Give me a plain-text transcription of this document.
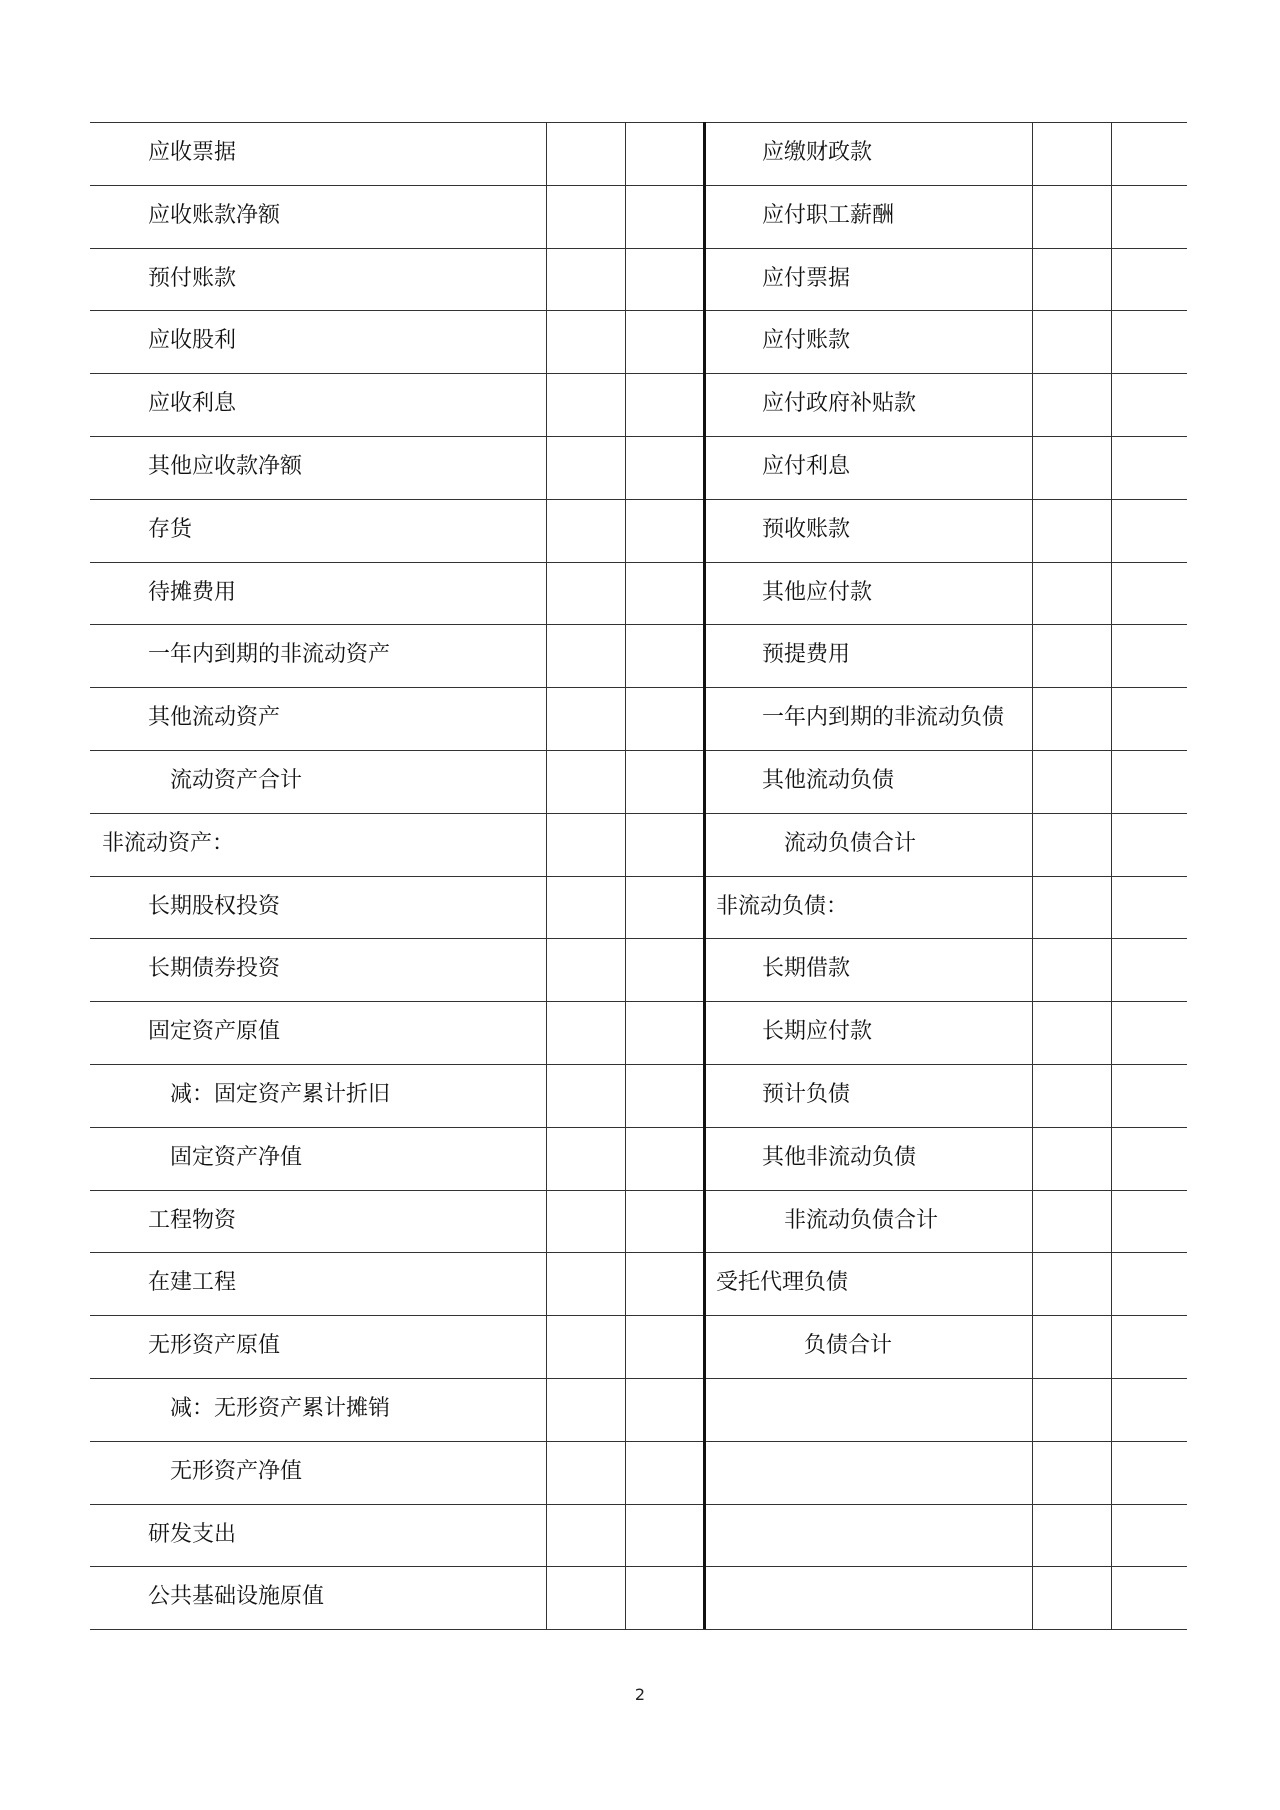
应收票据
应收账款净额
预付账款
应收股利
应收利息
其他应收款净额
存货
待摊费用
一年内到期的非流动资产
其他流动资产
流动资产合计
非流动资产：
长期股权投资
长期债券投资
固定资产原值
减：固定资产累计折旧
固定资产净值
工程物资
在建工程
无形资产原值
减：无形资产累计摊销
无形资产净值
研发支出
公共基础设施原值
应缴财政款
应付职工薪酬
应付票据
应付账款
应付政府补贴款
应付利息
预收账款
其他应付款
预提费用
一年内到期的非流动负债
其他流动负债
流动负债合计
非流动负债：
长期借款
长期应付款
预计负债
其他非流动负债
非流动负债合计
受托代理负债
负债合计
2
